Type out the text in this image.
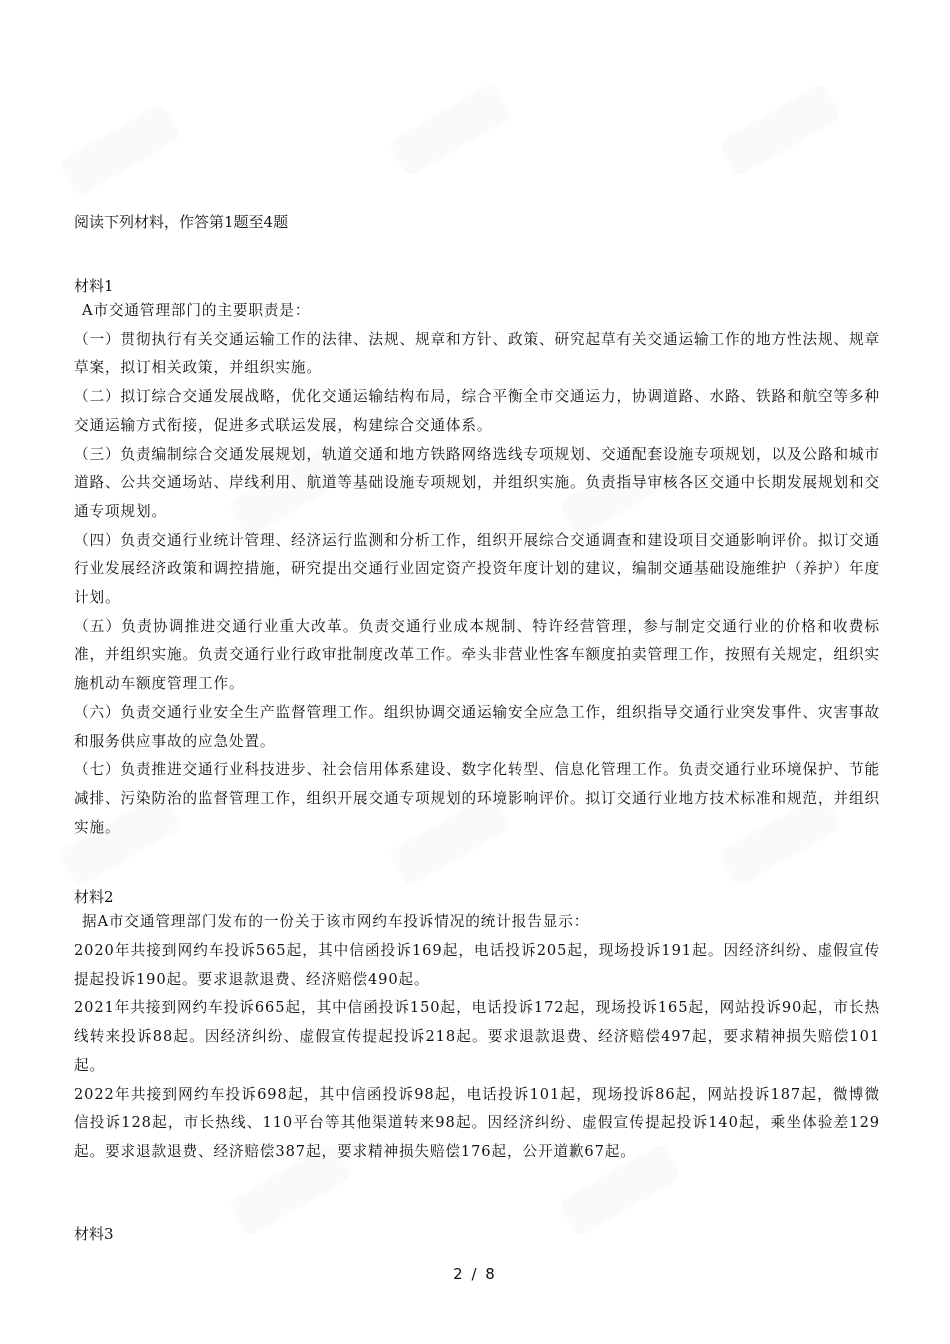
阅读下列材料，作答第1题至4题

材料1

A市交通管理部门的主要职责是：

（一）贯彻执行有关交通运输工作的法律、法规、规章和方针、政策、研究起草有关交通运输工作的地方性法规、规章草案，拟订相关政策，并组织实施。

（二）拟订综合交通发展战略，优化交通运输结构布局，综合平衡全市交通运力，协调道路、水路、铁路和航空等多种交通运输方式衔接，促进多式联运发展，构建综合交通体系。

（三）负责编制综合交通发展规划，轨道交通和地方铁路网络选线专项规划、交通配套设施专项规划，以及公路和城市道路、公共交通场站、岸线利用、航道等基础设施专项规划，并组织实施。负责指导审核各区交通中长期发展规划和交通专项规划。

（四）负责交通行业统计管理、经济运行监测和分析工作，组织开展综合交通调查和建设项目交通影响评价。拟订交通行业发展经济政策和调控措施，研究提出交通行业固定资产投资年度计划的建议，编制交通基础设施维护（养护）年度计划。

（五）负责协调推进交通行业重大改革。负责交通行业成本规制、特许经营管理，参与制定交通行业的价格和收费标准，并组织实施。负责交通行业行政审批制度改革工作。牵头非营业性客车额度拍卖管理工作，按照有关规定，组织实施机动车额度管理工作。

（六）负责交通行业安全生产监督管理工作。组织协调交通运输安全应急工作，组织指导交通行业突发事件、灾害事故和服务供应事故的应急处置。

（七）负责推进交通行业科技进步、社会信用体系建设、数字化转型、信息化管理工作。负责交通行业环境保护、节能减排、污染防治的监督管理工作，组织开展交通专项规划的环境影响评价。拟订交通行业地方技术标准和规范，并组织实施。

材料2

据A市交通管理部门发布的一份关于该市网约车投诉情况的统计报告显示：

2020年共接到网约车投诉565起，其中信函投诉169起，电话投诉205起，现场投诉191起。因经济纠纷、虚假宣传提起投诉190起。要求退款退费、经济赔偿490起。

2021年共接到网约车投诉665起，其中信函投诉150起，电话投诉172起，现场投诉165起，网站投诉90起，市长热线转来投诉88起。因经济纠纷、虚假宣传提起投诉218起。要求退款退费、经济赔偿497起，要求精神损失赔偿101起。

2022年共接到网约车投诉698起，其中信函投诉98起，电话投诉101起，现场投诉86起，网站投诉187起，微博微信投诉128起，市长热线、110平台等其他渠道转来98起。因经济纠纷、虚假宣传提起投诉140起，乘坐体验差129起。要求退款退费、经济赔偿387起，要求精神损失赔偿176起，公开道歉67起。

材料3

2 / 8
